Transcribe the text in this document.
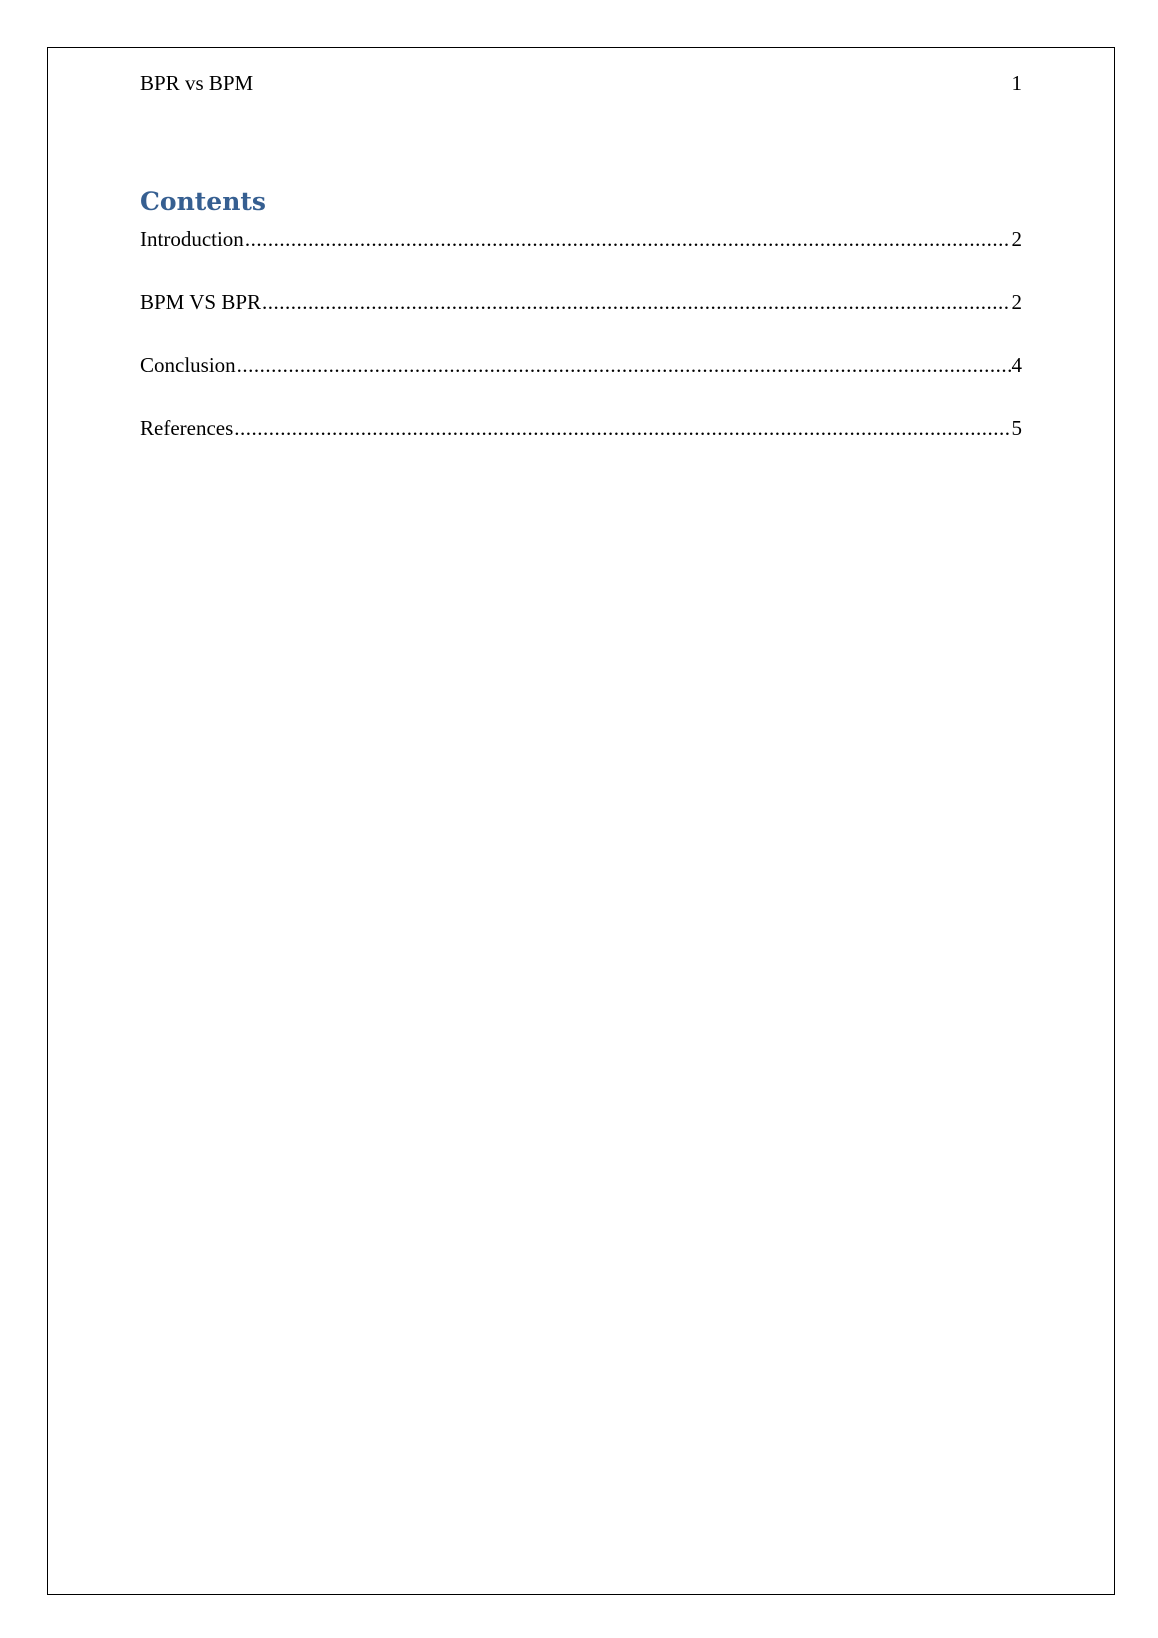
BPR vs BPM	1
Contents
Introduction .....	2
BPM VS BPR .....	2
Conclusion .....	4
References .....	5
